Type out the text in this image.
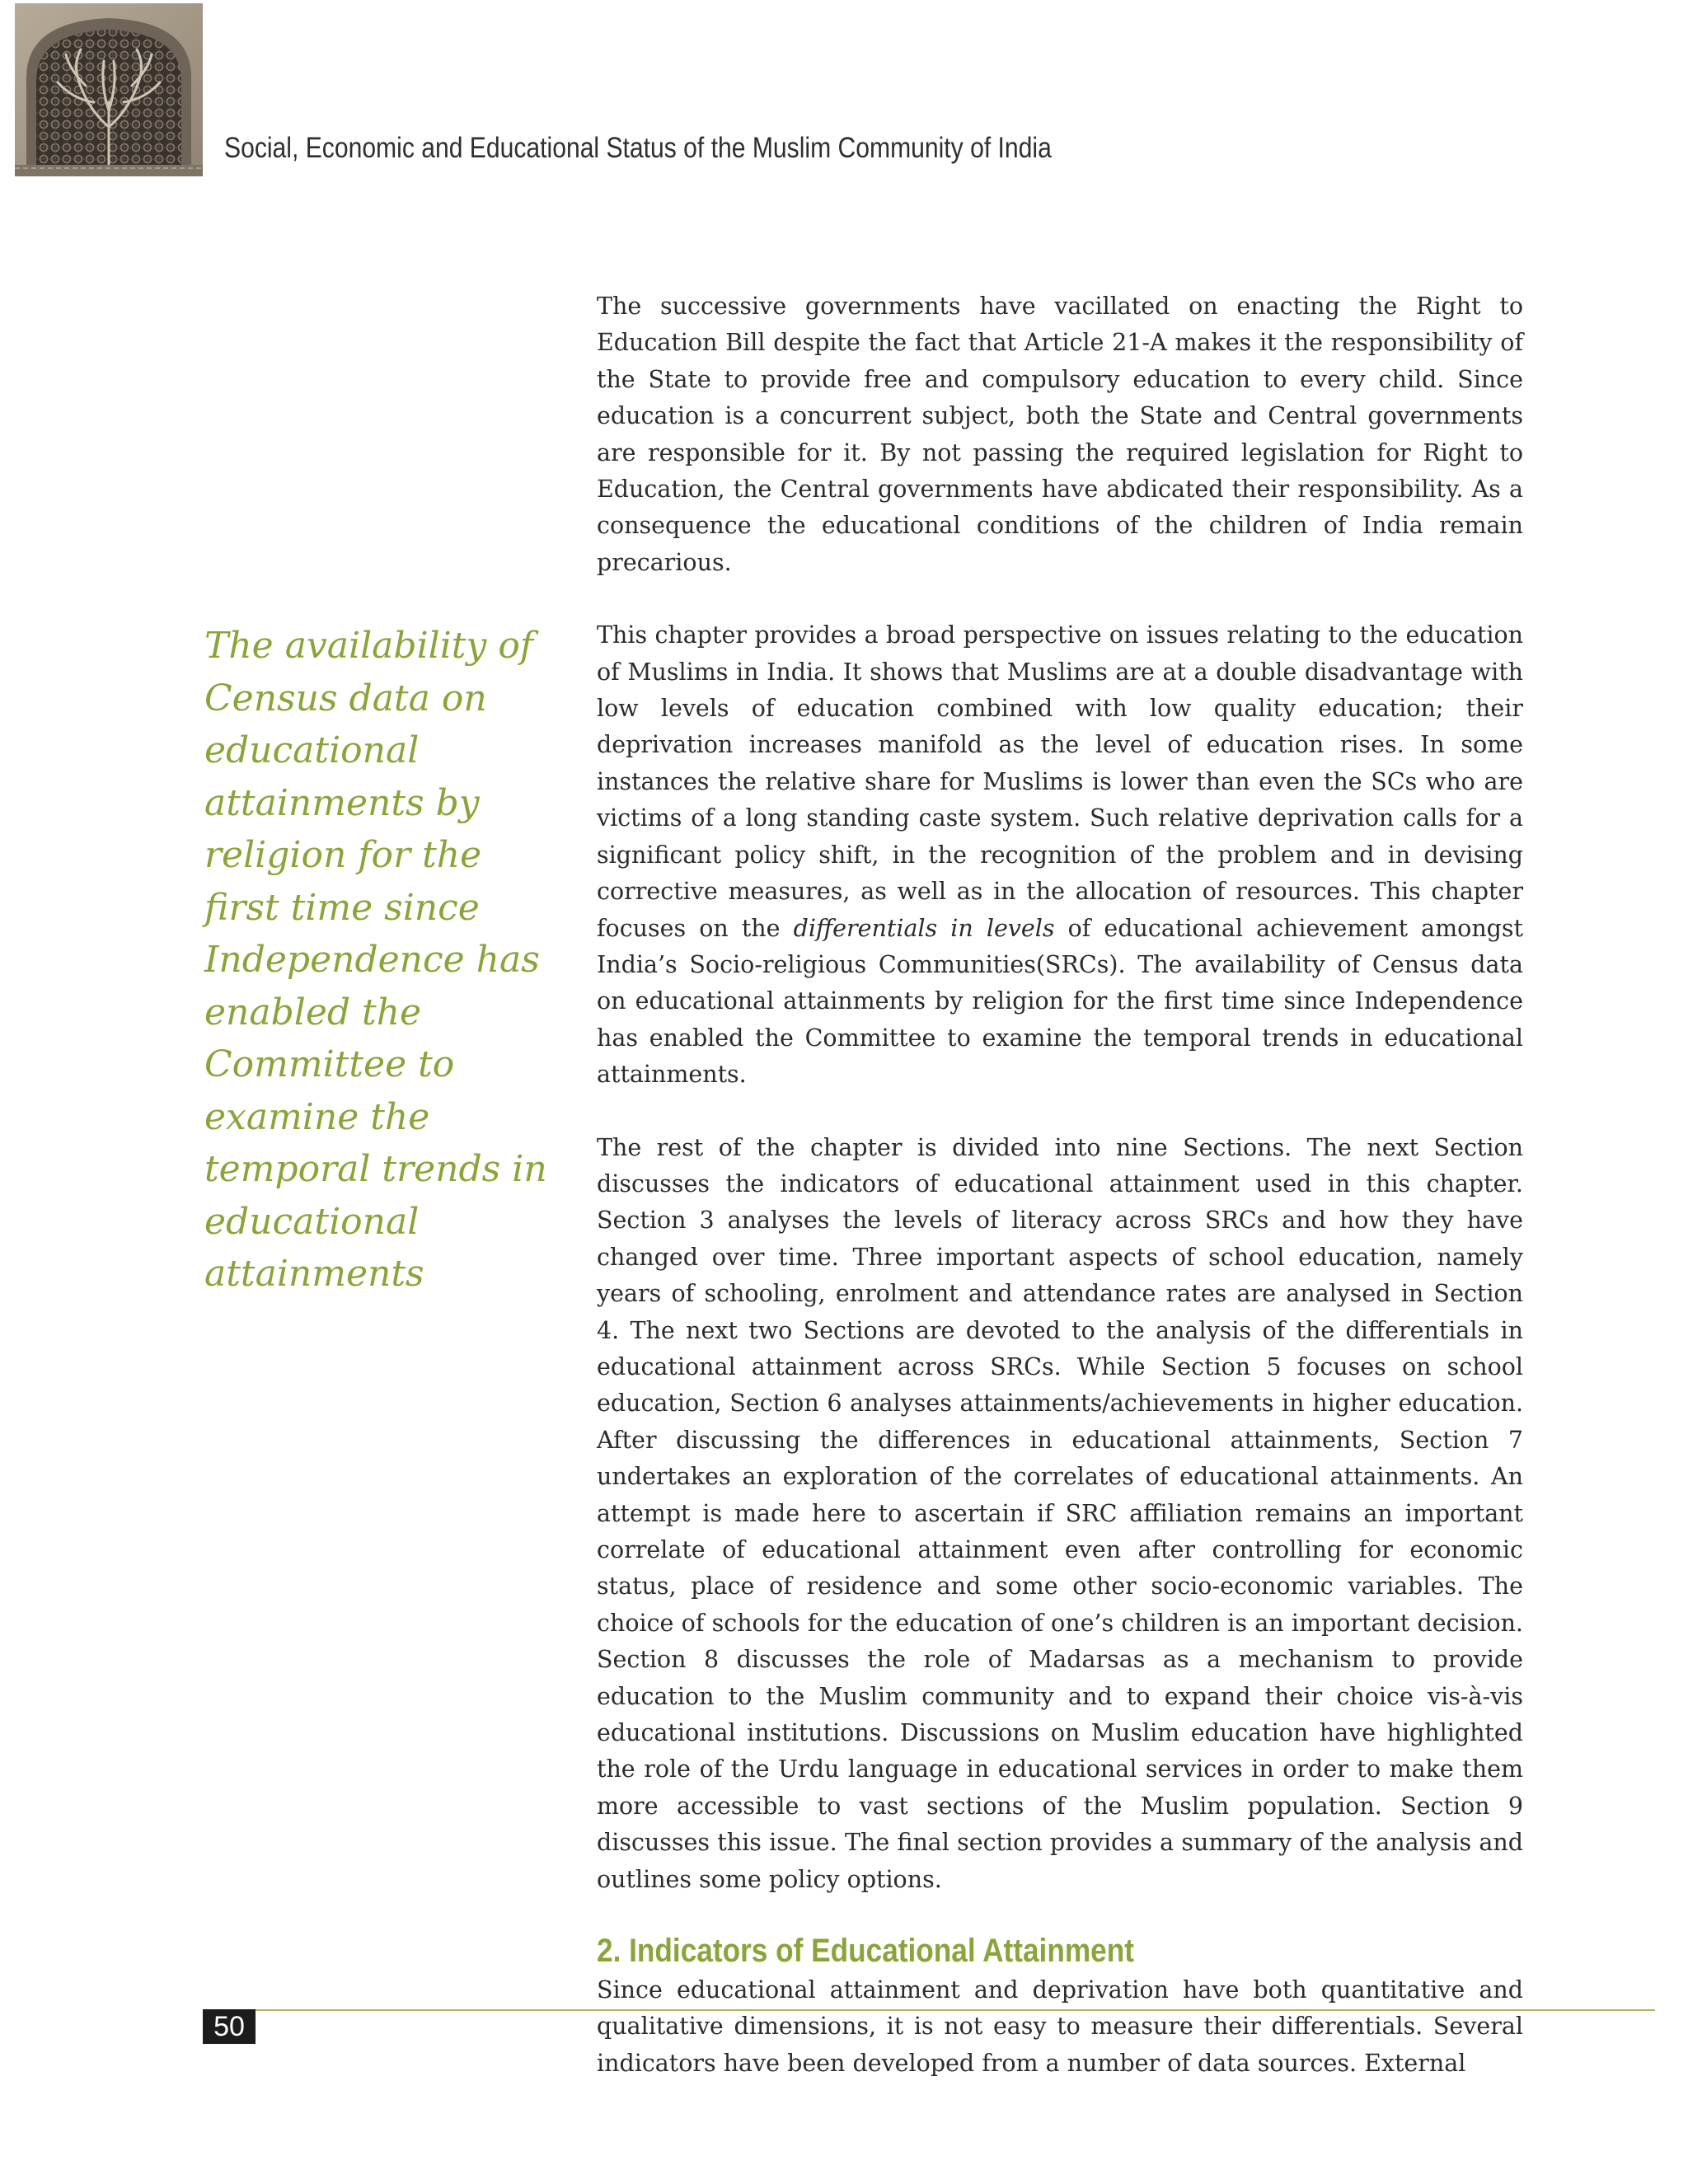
Social, Economic and Educational Status of the Muslim Community of India

The availability of Census data on educational attainments by religion for the first time since Independence has enabled the Committee to examine the temporal trends in educational attainments

The successive governments have vacillated on enacting the Right to Education Bill despite the fact that Article 21-A makes it the responsibility of the State to provide free and compulsory education to every child. Since education is a concurrent subject, both the State and Central governments are responsible for it. By not passing the required legislation for Right to Education, the Central governments have abdicated their responsibility. As a consequence the educational conditions of the children of India remain precarious.

This chapter provides a broad perspective on issues relating to the education of Muslims in India. It shows that Muslims are at a double disadvantage with low levels of education combined with low quality education; their deprivation increases manifold as the level of education rises. In some instances the relative share for Muslims is lower than even the SCs who are victims of a long standing caste system. Such relative deprivation calls for a significant policy shift, in the recognition of the problem and in devising corrective measures, as well as in the allocation of resources. This chapter focuses on the differentials in levels of educational achievement amongst India’s Socio-religious Communities(SRCs). The availability of Census data on educational attainments by religion for the first time since Independence has enabled the Committee to examine the temporal trends in educational attainments.

The rest of the chapter is divided into nine Sections. The next Section discusses the indicators of educational attainment used in this chapter. Section 3 analyses the levels of literacy across SRCs and how they have changed over time. Three important aspects of school education, namely years of schooling, enrolment and attendance rates are analysed in Section 4. The next two Sections are devoted to the analysis of the differentials in educational attainment across SRCs. While Section 5 focuses on school education, Section 6 analyses attainments/achievements in higher education. After discussing the differences in educational attainments, Section 7 undertakes an exploration of the correlates of educational attainments. An attempt is made here to ascertain if SRC affiliation remains an important correlate of educational attainment even after controlling for economic status, place of residence and some other socio-economic variables. The choice of schools for the education of one’s children is an important decision. Section 8 discusses the role of Madarsas as a mechanism to provide education to the Muslim community and to expand their choice vis-à-vis educational institutions. Discussions on Muslim education have highlighted the role of the Urdu language in educational services in order to make them more accessible to vast sections of the Muslim population. Section 9 discusses this issue. The final section provides a summary of the analysis and outlines some policy options.

2. Indicators of Educational Attainment

Since educational attainment and deprivation have both quantitative and qualitative dimensions, it is not easy to measure their differentials. Several indicators have been developed from a number of data sources. External

50
